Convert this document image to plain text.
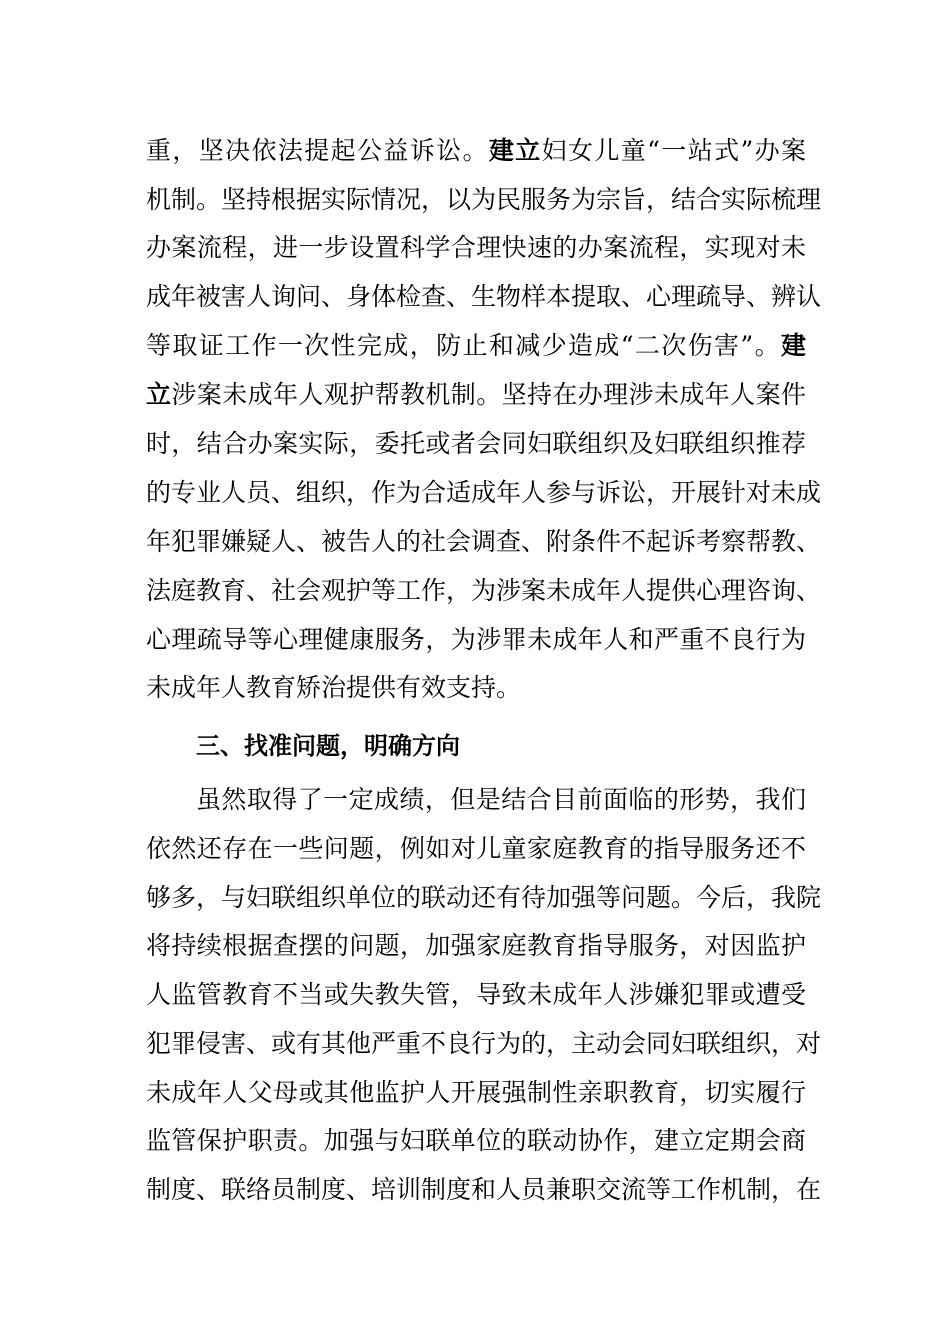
重，坚决依法提起公益诉讼。建立妇女儿童“一站式”办案
机制。坚持根据实际情况，以为民服务为宗旨，结合实际梳理
办案流程，进一步设置科学合理快速的办案流程，实现对未
成年被害人询问、身体检查、生物样本提取、心理疏导、辨认
等取证工作一次性完成，防止和减少造成“二次伤害”。建
立涉案未成年人观护帮教机制。坚持在办理涉未成年人案件
时，结合办案实际，委托或者会同妇联组织及妇联组织推荐
的专业人员、组织，作为合适成年人参与诉讼，开展针对未成
年犯罪嫌疑人、被告人的社会调查、附条件不起诉考察帮教、
法庭教育、社会观护等工作，为涉案未成年人提供心理咨询、
心理疏导等心理健康服务，为涉罪未成年人和严重不良行为
未成年人教育矫治提供有效支持。
三、找准问题，明确方向
虽然取得了一定成绩，但是结合目前面临的形势，我们
依然还存在一些问题，例如对儿童家庭教育的指导服务还不
够多，与妇联组织单位的联动还有待加强等问题。今后，我院
将持续根据查摆的问题，加强家庭教育指导服务，对因监护
人监管教育不当或失教失管，导致未成年人涉嫌犯罪或遭受
犯罪侵害、或有其他严重不良行为的，主动会同妇联组织，对
未成年人父母或其他监护人开展强制性亲职教育，切实履行
监管保护职责。加强与妇联单位的联动协作，建立定期会商
制度、联络员制度、培训制度和人员兼职交流等工作机制，在
